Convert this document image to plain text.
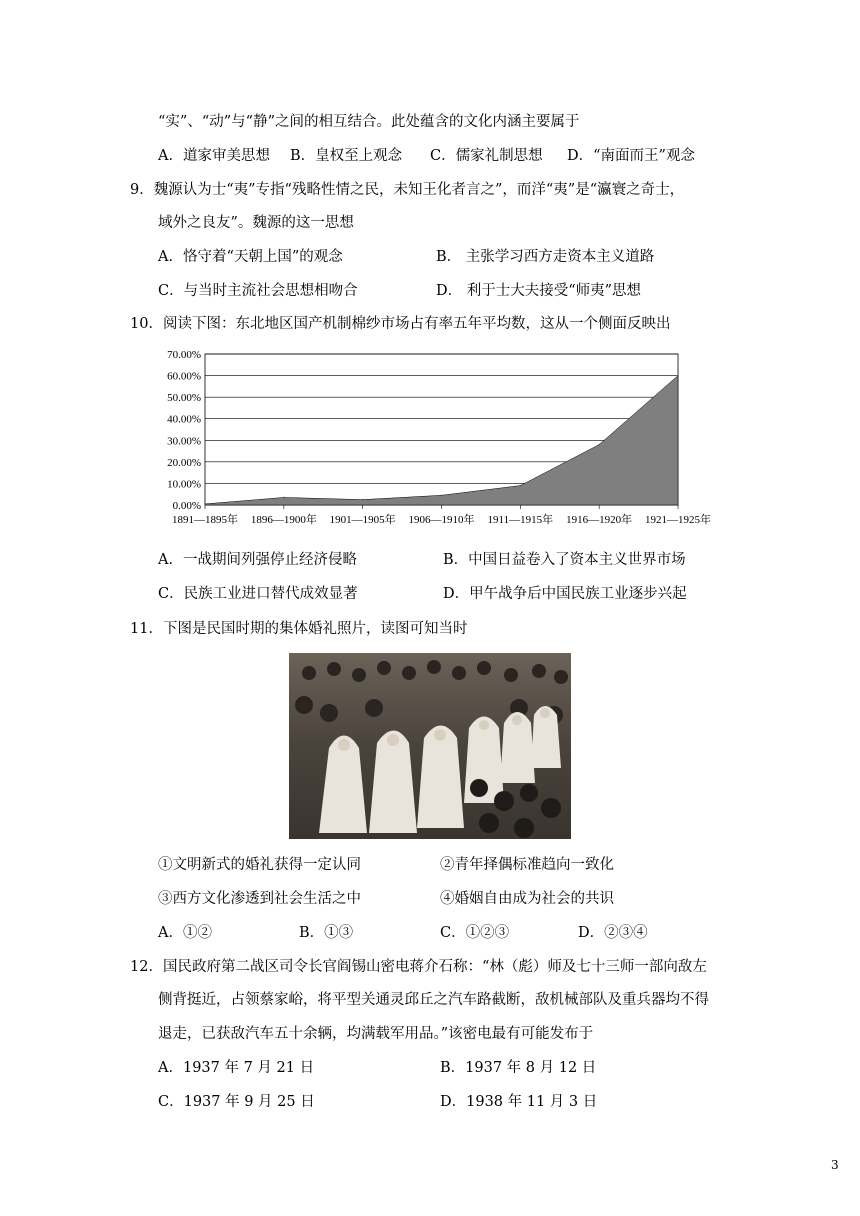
“实”、“动”与“静”之间的相互结合。此处蕴含的文化内涵主要属于
A．道家审美思想 B．皇权至上观念 C．儒家礼制思想 D．“南面而王”观念
9．魏源认为士“夷”专指“残略性情之民，未知王化者言之”，而洋“夷”是“瀛寰之奇士，
域外之良友”。魏源的这一思想
A．恪守着“天朝上国”的观念	B． 主张学习西方走资本主义道路
C．与当时主流社会思想相吻合	D． 利于士大夫接受“师夷”思想
10．阅读下图：东北地区国产机制棉纱市场占有率五年平均数，这从一个侧面反映出
0.00%
10.00%
20.00%
30.00%
40.00%
50.00%
60.00%
70.00%
1891—1895年 1896—1900年 1901—1905年 1906—1910年 1911—1915年 1916—1920年 1921—1925年
A．一战期间列强停止经济侵略	B．中国日益卷入了资本主义世界市场
C．民族工业进口替代成效显著	D．甲午战争后中国民族工业逐步兴起
11．下图是民国时期的集体婚礼照片，读图可知当时
①文明新式的婚礼获得一定认同	②青年择偶标准趋向一致化
③西方文化渗透到社会生活之中	④婚姻自由成为社会的共识
A．①②	B．①③	C．①②③	D．②③④
12．国民政府第二战区司令长官阎锡山密电蒋介石称：“林（彪）师及七十三师一部向敌左
侧背挺近，占领蔡家峪，将平型关通灵邱丘之汽车路截断，敌机械部队及重兵器均不得
退走，已获敌汽车五十余辆，均满载军用品。”该密电最有可能发布于
A．1937 年 7 月 21 日	B．1937 年 8 月 12 日
C．1937 年 9 月 25 日	D．1938 年 11 月 3 日
3
